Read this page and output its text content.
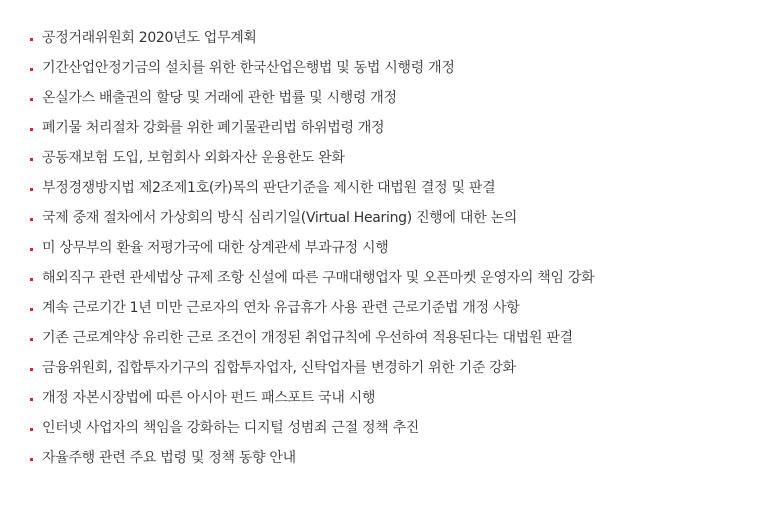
공정거래위원회 2020년도 업무계획
기간산업안정기금의 설치를 위한 한국산업은행법 및 동법 시행령 개정
온실가스 배출권의 할당 및 거래에 관한 법률 및 시행령 개정
폐기물 처리절차 강화를 위한 폐기물관리법 하위법령 개정
공동재보험 도입, 보험회사 외화자산 운용한도 완화
부정경쟁방지법 제2조제1호(카)목의 판단기준을 제시한 대법원 결정 및 판결
국제 중재 절차에서 가상회의 방식 심리기일(Virtual Hearing) 진행에 대한 논의
미 상무부의 환율 저평가국에 대한 상계관세 부과규정 시행
해외직구 관련 관세법상 규제 조항 신설에 따른 구매대행업자 및 오픈마켓 운영자의 책임 강화
계속 근로기간 1년 미만 근로자의 연차 유급휴가 사용 관련 근로기준법 개정 사항
기존 근로계약상 유리한 근로 조건이 개정된 취업규칙에 우선하여 적용된다는 대법원 판결
금융위원회, 집합투자기구의 집합투자업자, 신탁업자를 변경하기 위한 기준 강화
개정 자본시장법에 따른 아시아 펀드 패스포트 국내 시행
인터넷 사업자의 책임을 강화하는 디지털 성범죄 근절 정책 추진
자율주행 관련 주요 법령 및 정책 동향 안내
